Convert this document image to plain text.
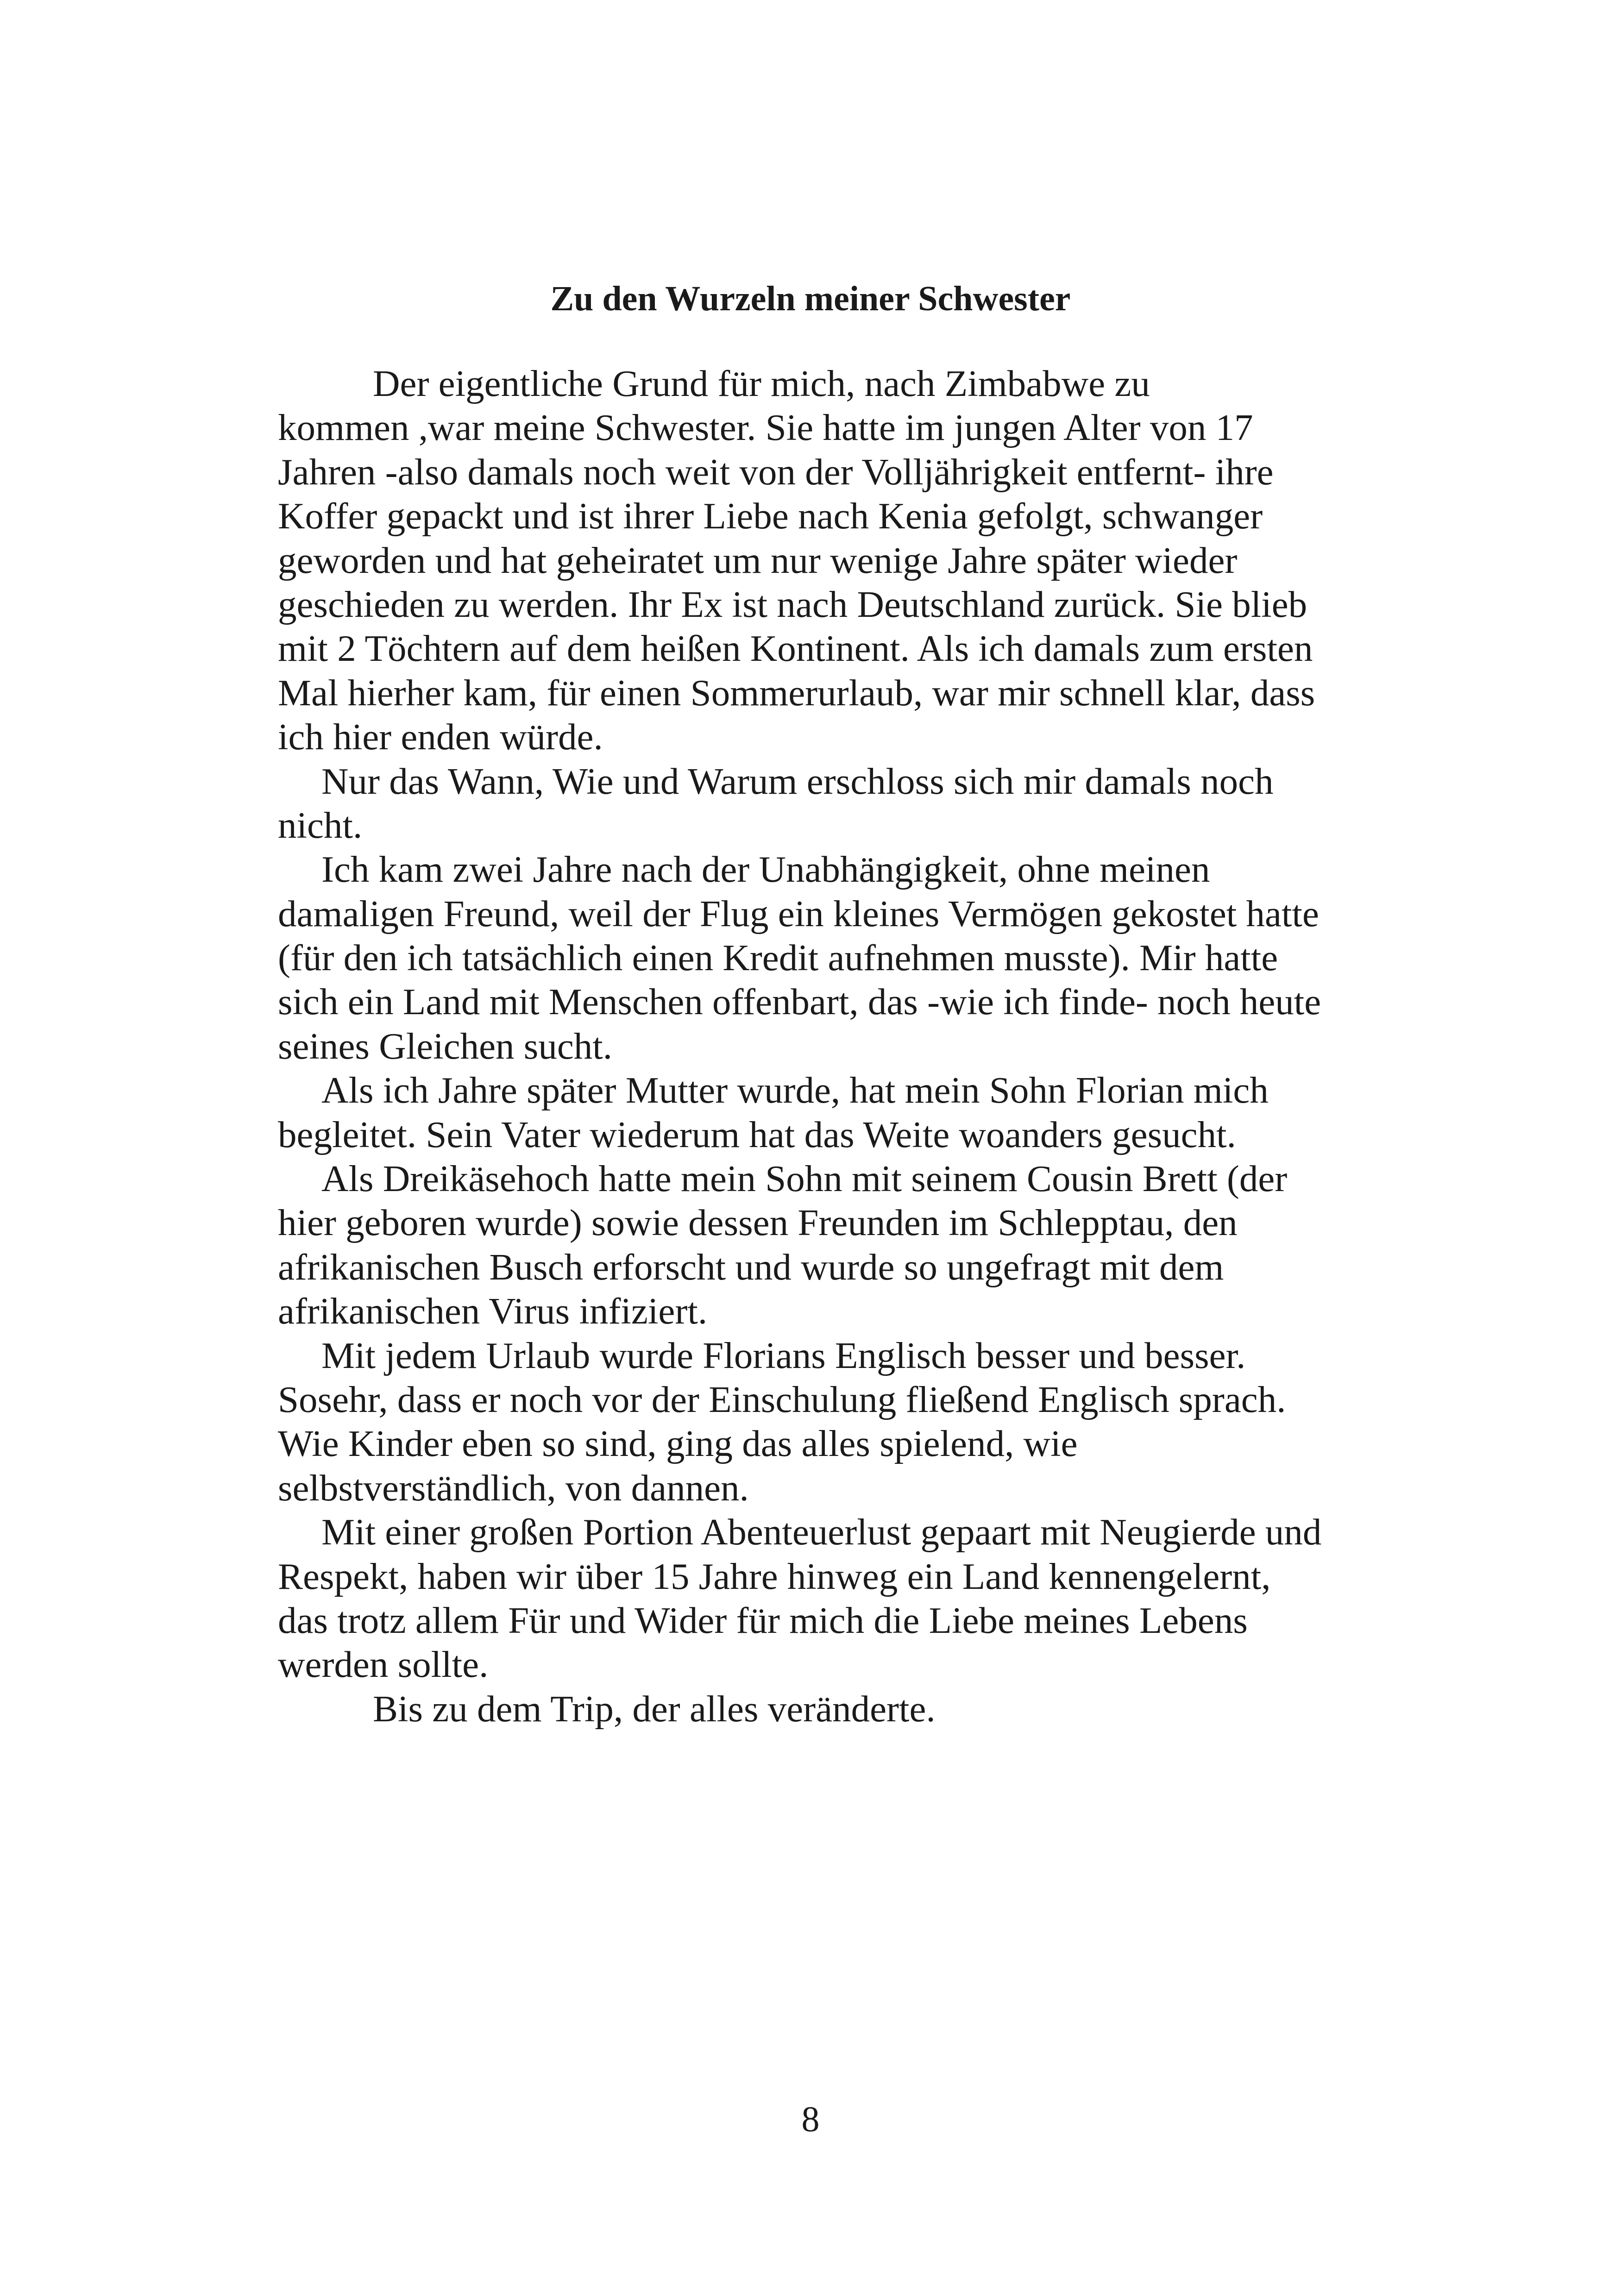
Zu den Wurzeln meiner Schwester
Der eigentliche Grund für mich, nach Zimbabwe zu
kommen ,war meine Schwester. Sie hatte im jungen Alter von 17
Jahren -also damals noch weit von der Volljährigkeit entfernt- ihre
Koffer gepackt und ist ihrer Liebe nach Kenia gefolgt, schwanger
geworden und hat geheiratet um nur wenige Jahre später wieder
geschieden zu werden. Ihr Ex ist nach Deutschland zurück. Sie blieb
mit 2 Töchtern auf dem heißen Kontinent. Als ich damals zum ersten
Mal hierher kam, für einen Sommerurlaub, war mir schnell klar, dass
ich hier enden würde.
Nur das Wann, Wie und Warum erschloss sich mir damals noch
nicht.
Ich kam zwei Jahre nach der Unabhängigkeit, ohne meinen
damaligen Freund, weil der Flug ein kleines Vermögen gekostet hatte
(für den ich tatsächlich einen Kredit aufnehmen musste). Mir hatte
sich ein Land mit Menschen offenbart, das -wie ich finde- noch heute
seines Gleichen sucht.
Als ich Jahre später Mutter wurde, hat mein Sohn Florian mich
begleitet. Sein Vater wiederum hat das Weite woanders gesucht.
Als Dreikäsehoch hatte mein Sohn mit seinem Cousin Brett (der
hier geboren wurde) sowie dessen Freunden im Schlepptau, den
afrikanischen Busch erforscht und wurde so ungefragt mit dem
afrikanischen Virus infiziert.
Mit jedem Urlaub wurde Florians Englisch besser und besser.
Sosehr, dass er noch vor der Einschulung fließend Englisch sprach.
Wie Kinder eben so sind, ging das alles spielend, wie
selbstverständlich, von dannen.
Mit einer großen Portion Abenteuerlust gepaart mit Neugierde und
Respekt, haben wir über 15 Jahre hinweg ein Land kennengelernt,
das trotz allem Für und Wider für mich die Liebe meines Lebens
werden sollte.
Bis zu dem Trip, der alles veränderte.
8
